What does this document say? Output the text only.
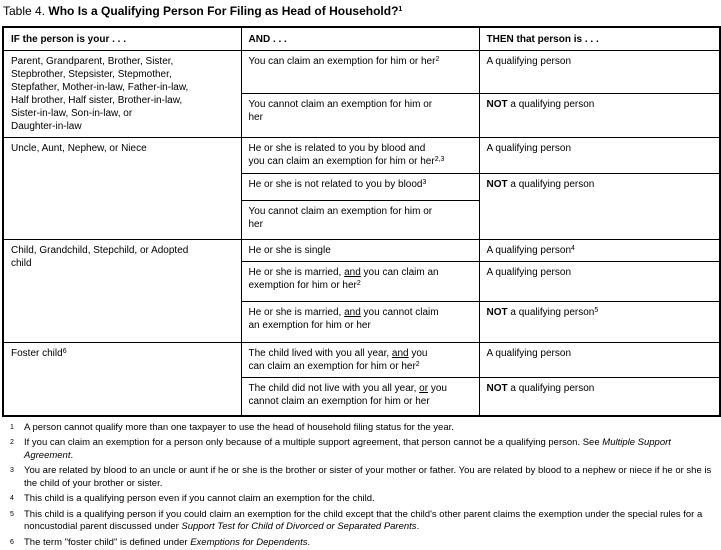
Table 4. Who Is a Qualifying Person For Filing as Head of Household?$^1$
IF the person is your . . .	AND . . .	THEN that person is . . .
Parent, Grandparent, Brother, Sister,
Stepbrother, Stepsister, Stepmother,
Stepfather, Mother-in-law, Father-in-law,
Half brother, Half sister, Brother-in-law,
Sister-in-law, Son-in-law, or
Daughter-in-law	You can claim an exemption for him or her$^2$	A qualifying person
	You cannot claim an exemption for him or
her	NOT a qualifying person
Uncle, Aunt, Nephew, or Niece	He or she is related to you by blood and
you can claim an exemption for him or her$^{2,3}$	A qualifying person
	He or she is not related to you by blood$^3$	NOT a qualifying person
	You cannot claim an exemption for him or
her	
Child, Grandchild, Stepchild, or Adopted
child	He or she is single	A qualifying person$^4$
	He or she is married, and you can claim an
exemption for him or her$^2$	A qualifying person
	He or she is married, and you cannot claim
an exemption for him or her	NOT a qualifying person$^5$
Foster child$^6$	The child lived with you all year, and you
can claim an exemption for him or her$^2$	A qualifying person
	The child did not live with you all year, or you
cannot claim an exemption for him or her	NOT a qualifying person
1	A person cannot qualify more than one taxpayer to use the head of household filing status for the year.
2	If you can claim an exemption for a person only because of a multiple support agreement, that person cannot be a qualifying person. See Multiple Support Agreement.
3	You are related by blood to an uncle or aunt if he or she is the brother or sister of your mother or father. You are related by blood to a nephew or niece if he or she is the child of your brother or sister.
4	This child is a qualifying person even if you cannot claim an exemption for the child.
5	This child is a qualifying person if you could claim an exemption for the child except that the child's other parent claims the exemption under the special rules for a noncustodial parent discussed under Support Test for Child of Divorced or Separated Parents.
6	The term "foster child" is defined under Exemptions for Dependents.
